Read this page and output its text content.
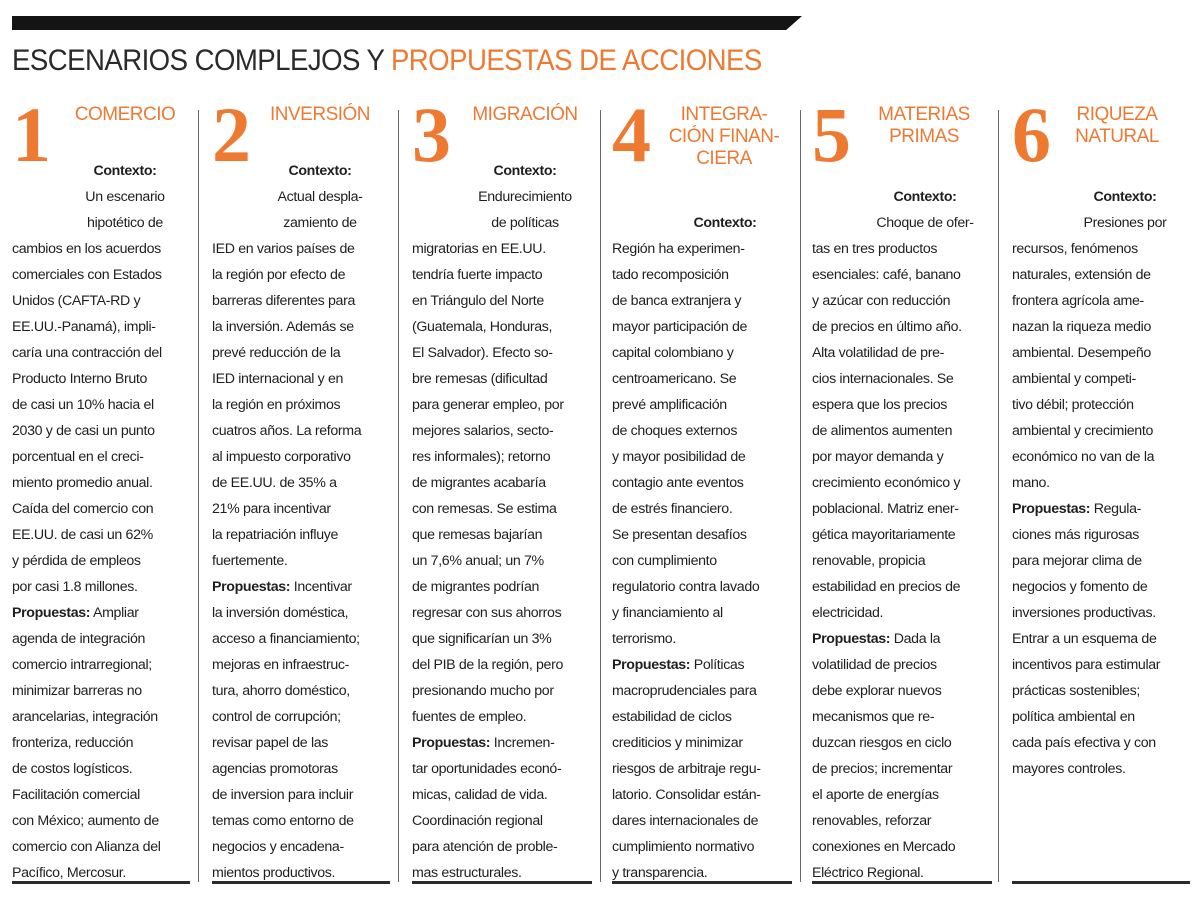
ESCENARIOS COMPLEJOS Y PROPUESTAS DE ACCIONES
1 COMERCIO

Contexto:
Un escenario
hipotético de
cambios en los acuerdos
comerciales con Estados
Unidos (CAFTA-RD y
EE.UU.-Panamá), impli-
caría una contracción del
Producto Interno Bruto
de casi un 10% hacia el
2030 y de casi un punto
porcentual en el creci-
miento promedio anual.
Caída del comercio con
EE.UU. de casi un 62%
y pérdida de empleos
por casi 1.8 millones.
Propuestas: Ampliar
agenda de integración
comercio intrarregional;
minimizar barreras no
arancelarias, integración
fronteriza, reducción
de costos logísticos.
Facilitación comercial
con México; aumento de
comercio con Alianza del
Pacífico, Mercosur.

2 INVERSIÓN

Contexto:
Actual despla-
zamiento de
IED en varios países de
la región por efecto de
barreras diferentes para
la inversión. Además se
prevé reducción de la
IED internacional y en
la región en próximos
cuatros años. La reforma
al impuesto corporativo
de EE.UU. de 35% a
21% para incentivar
la repatriación influye
fuertemente.
Propuestas: Incentivar
la inversión doméstica,
acceso a financiamiento;
mejoras en infraestruc-
tura, ahorro doméstico,
control de corrupción;
revisar papel de las
agencias promotoras
de inversion para incluir
temas como entorno de
negocios y encadena-
mientos productivos.

3 MIGRACIÓN

Contexto:
Endurecimiento
de políticas
migratorias en EE.UU.
tendría fuerte impacto
en Triángulo del Norte
(Guatemala, Honduras,
El Salvador). Efecto so-
bre remesas (dificultad
para generar empleo, por
mejores salarios, secto-
res informales); retorno
de migrantes acabaría
con remesas. Se estima
que remesas bajarían
un 7,6% anual; un 7%
de migrantes podrían
regresar con sus ahorros
que significarían un 3%
del PIB de la región, pero
presionando mucho por
fuentes de empleo.
Propuestas: Incremen-
tar oportunidades econó-
micas, calidad de vida.
Coordinación regional
para atención de proble-
mas estructurales.

4	INTEGRA-
CIÓN FINAN-
CIERA

Contexto:
Región ha experimen-
tado recomposición
de banca extranjera y
mayor participación de
capital colombiano y
centroamericano. Se
prevé amplificación
de choques externos
y mayor posibilidad de
contagio ante eventos
de estrés financiero.
Se presentan desafíos
con cumplimiento
regulatorio contra lavado
y financiamiento al
terrorismo.
Propuestas: Políticas
macroprudenciales para
estabilidad de ciclos
crediticios y minimizar
riesgos de arbitraje regu-
latorio. Consolidar están-
dares internacionales de
cumplimiento normativo
y transparencia.

5	MATERIAS
PRIMAS

Contexto:
Choque de ofer-
tas en tres productos
esenciales: café, banano
y azúcar con reducción
de precios en último año.
Alta volatilidad de pre-
cios internacionales. Se
espera que los precios
de alimentos aumenten
por mayor demanda y
crecimiento económico y
poblacional. Matriz ener-
gética mayoritariamente
renovable, propicia
estabilidad en precios de
electricidad.
Propuestas: Dada la
volatilidad de precios
debe explorar nuevos
mecanismos que re-
duzcan riesgos en ciclo
de precios; incrementar
el aporte de energías
renovables, reforzar
conexiones en Mercado
Eléctrico Regional.

6	RIQUEZA
NATURAL

Contexto:
Presiones por
recursos, fenómenos
naturales, extensión de
frontera agrícola ame-
nazan la riqueza medio
ambiental. Desempeño
ambiental y competi-
tivo débil; protección
ambiental y crecimiento
económico no van de la
mano.
Propuestas: Regula-
ciones más rigurosas
para mejorar clima de
negocios y fomento de
inversiones productivas.
Entrar a un esquema de
incentivos para estimular
prácticas sostenibles;
política ambiental en
cada país efectiva y con
mayores controles.
